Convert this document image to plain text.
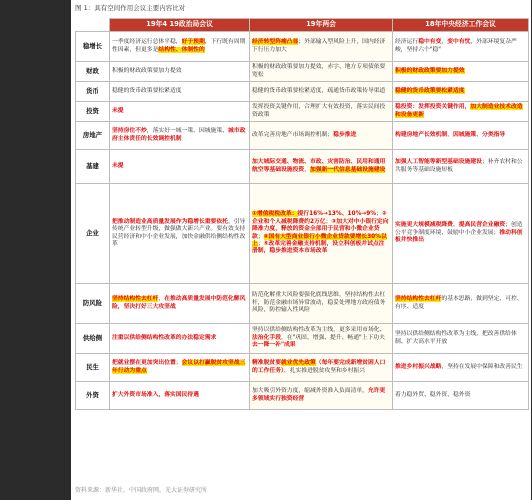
图 1：具有空间作用会议主要内容比对
	19年4 19政治局会议	19年两会	18年中央经济工作会议
稳增长	一季度经济运行总体平稳，好于预期，下行既有周期性因素，但更多是结构性、体制性的	经济转型阵痛凸显；外部输入型风险上升，国内经济下行压力加大	经济运行稳中有变，变中有忧，外部环境复杂严峻，坚持六个"稳"
财政	积极的财政政策要加力提效	积极的财政政策要加力提效，赤字、地方专项债依要宽松	积极的财政政策要加力提效
货币	稳健的货币政策要松紧适度	稳健的货币政策要松紧适度，疏通货币政策传导渠道	稳健的货币政策要松紧适度
投资	未提	发挥投资关键作用，合理扩大有效投资，落实民间投资政策	稳投资：发挥投资关键作用，加大制造业技术改造和设备更新
房地产	坚持房住不炒，落实好一城一策、因城施策、城市政府主体责任的长效调控机制	改革完善房地产市场调控机制；稳步推进	构建房地产长效机制，因城施策、分类指导
基建	未提	加大城际交通、物流、市政、灾害防治、民用和通用航空等基础设施投资，加强新一代信息基础设施建设	加强人工智能等新型基础设施建设；补齐农村和公共服务等基础设施短板
企业	把推动制造业高质量发展作为稳增长重要依托，引导传统产业转型升级，做强做大新兴产业。要有效支持民营经济和中小企业发展，加快金融供给侧结构性改革	①增值税税改革：提行16%→13%、10%→9%；②企业和个人减税降费约2万亿；③加大对中小银行定向降准力度，释放的资金全部用于民营和小微企业贷款；④国有大型商业银行小微企业贷款要增长30%以上；⑤改革完善金融支持机制，设立科创板并试点注册制，稳步推进资本市场改革	实施更大规模减税降费，提高民营企业融资；创造公平竞争制度环境，鼓励中小企业发展；推动科创板并快推出
防风险	坚持结构性去杠杆，在推动高质量发展中防范化解风险，坚决打好三大攻坚战	防范化解重大风险要强化底线思维，坚持结构性去杠杆，防范金融市场异常波动，稳妥处理地方政府债务风险，防控输入性风险	坚持结构性去杠杆的基本思路，做到坚定、可控、有序、适度
供给侧	注重以供给侧结构性改革的办法稳定需求	坚持以供给侧结构性改革为主线，更多采用市场化、法治化手段，在"巩固、增强、提升、畅通"上下功夫去一降一补"成果	坚持以供给侧结构性改革为主线，把改善供给体制、扩大高水平开放
民生	把就业摆在更加突出位置；会议以打赢脱贫攻坚战三年行动为重点	精准脱贫要就业优先政策（每年要完成新增贫困人口的工作任务），扎实推进脱贫攻坚和乡村振兴	推进乡村振兴战略，坚持在发展中保障和改善民生
外资	扩大外资市场准入，落实国民待遇	加大吸引外资力度，缩减外资准入负面清单，允许更多领域实行独资经营	着力稳外贸、稳外资、稳外资
资料来源：新华社，中国政府网，光大证券研究所
